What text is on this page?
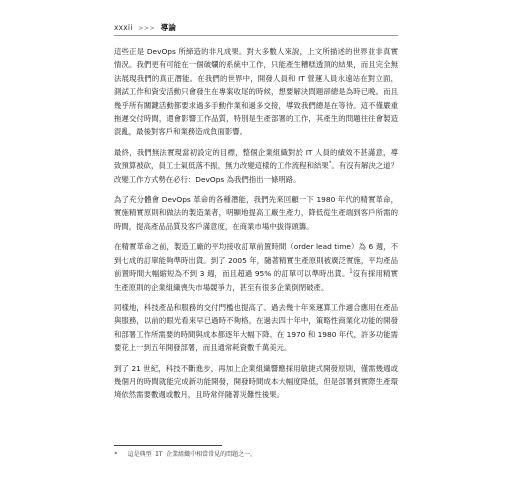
xxxii >>> 導論

這些正是 DevOps 所締造的非凡成果。對大多數人來說，上文所描述的世界並非真實情況。我們更有可能在一個破爛的系統中工作，只能產生糟糕透頂的結果，而且完全無法展現我們的真正潛能。在我們的世界中，開發人員和 IT 營運人員永遠站在對立面，測試工作和資安活動只會發生在專案收尾的時候，想要解決問題卻總是為時已晚。而且幾乎所有關鍵活動都要求過多手動作業和過多交接，導致我們總是在等待。這不僅嚴重拖遲交付時間，還會影響工作品質，特別是生產部署的工作，其產生的問題往往會製造混亂，最後對客戶和業務造成負面影響。

最終，我們無法實現當初設定的目標，整個企業組織對於 IT 人員的績效不甚滿意，導致預算被砍，員工士氣低落不振，無力改變這樣的工作流程和結果*。有沒有解決之道？改變工作方式勢在必行：DevOps 為我們指出一條明路。

為了充分體會 DevOps 革命的各種潛能，我們先來回顧一下 1980 年代的精實革命，實施精實原則和做法的製造業者，明顯地提高工廠生產力，降低從生產端到客戶所需的時間，提高產品品質及客戶滿意度，在商業市場中拔得頭籌。

在精實革命之前，製造工廠的平均接收訂單前置時間（order lead time）為 6 週，不到七成的訂單能夠準時出貨。到了 2005 年，隨著精實生產原則被廣泛實施，平均產品前置時間大幅縮短為不到 3 週，而且超過 95% 的訂單可以準時出貨。$^1$沒有採用精實生產原則的企業組織喪失市場競爭力，甚至有很多企業倒閉破產。

同樣地，科技產品和服務的交付門檻也提高了。過去幾十年來運算工作適合應用在產品與服務，以前的眼光看來早已過時不夠格。在過去四十年中，策略性商業化功能的開發和部署工作所需要的時間與成本都逐年大幅下降。在 1970 和 1980 年代，許多功能需要花上一到五年開發部署，而且通常耗資數千萬美元。

到了 21 世紀，科技不斷進步，再加上企業組織響應採用敏捷式開發原則，僅需幾週或幾個月的時間就能完成新功能開發，開發時間成本大幅度降低，但是部署到實際生產環境依然需要數週或數月，且時常伴隨著災難性後果。

* 這是典型 IT 企業組織中相當常見的問題之一。
